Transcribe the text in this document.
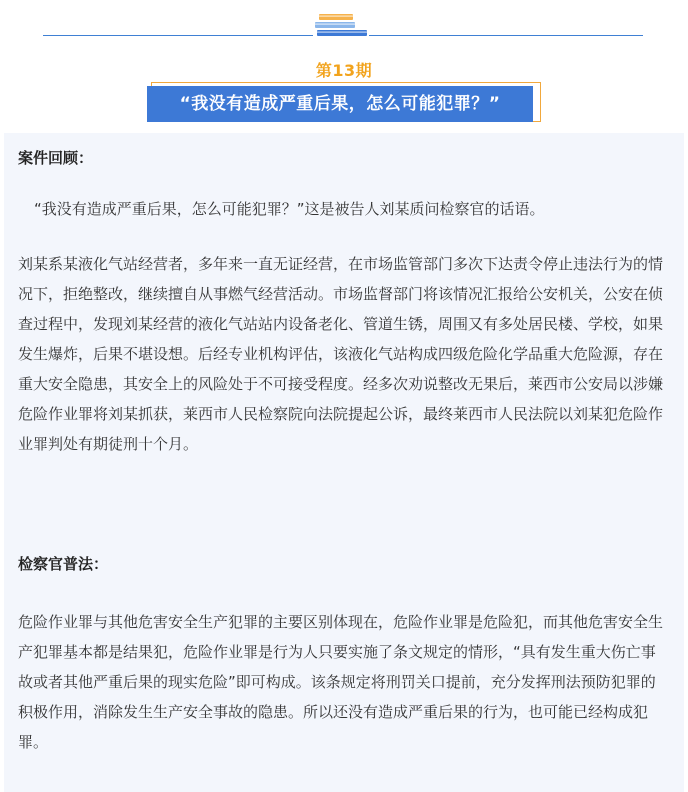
第13期
“我没有造成严重后果，怎么可能犯罪？”

案件回顾：

“我没有造成严重后果，怎么可能犯罪？”这是被告人刘某质问检察官的话语。

刘某系某液化气站经营者，多年来一直无证经营，在市场监管部门多次下达责令停止违法行为的情况下，拒绝整改，继续擅自从事燃气经营活动。市场监督部门将该情况汇报给公安机关，公安在侦查过程中，发现刘某经营的液化气站站内设备老化、管道生锈，周围又有多处居民楼、学校，如果发生爆炸，后果不堪设想。后经专业机构评估，该液化气站构成四级危险化学品重大危险源，存在重大安全隐患，其安全上的风险处于不可接受程度。经多次劝说整改无果后，莱西市公安局以涉嫌危险作业罪将刘某抓获，莱西市人民检察院向法院提起公诉，最终莱西市人民法院以刘某犯危险作业罪判处有期徒刑十个月。

检察官普法：

危险作业罪与其他危害安全生产犯罪的主要区别体现在，危险作业罪是危险犯，而其他危害安全生产犯罪基本都是结果犯，危险作业罪是行为人只要实施了条文规定的情形，“具有发生重大伤亡事故或者其他严重后果的现实危险”即可构成。该条规定将刑罚关口提前，充分发挥刑法预防犯罪的积极作用，消除发生生产安全事故的隐患。所以还没有造成严重后果的行为，也可能已经构成犯罪。
